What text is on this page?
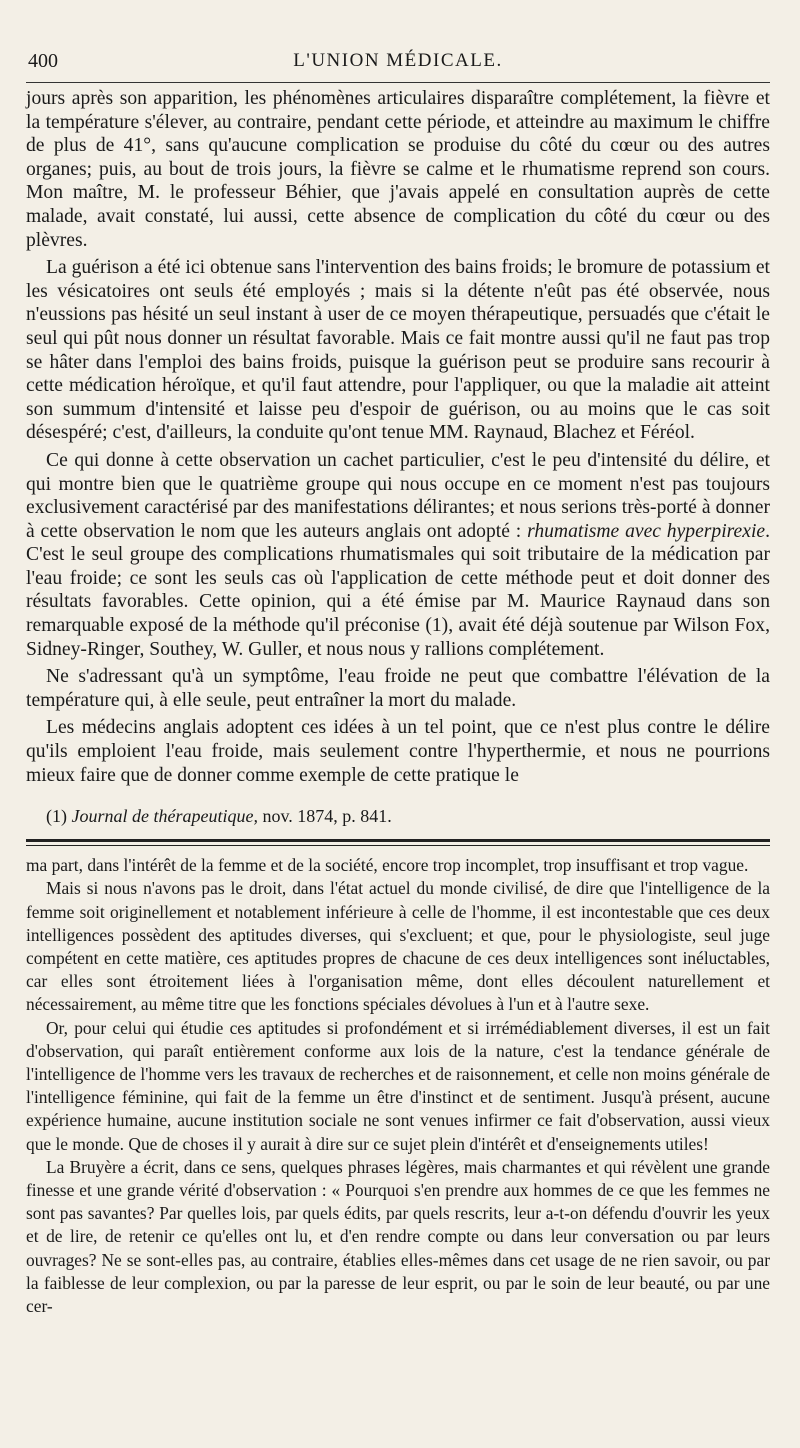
400	L'UNION MÉDICALE.

jours après son apparition, les phénomènes articulaires disparaître complétement, la fièvre et la température s'élever, au contraire, pendant cette période, et atteindre au maximum le chiffre de plus de 41°, sans qu'aucune complication se produise du côté du cœur ou des autres organes; puis, au bout de trois jours, la fièvre se calme et le rhumatisme reprend son cours. Mon maître, M. le professeur Béhier, que j'avais appelé en consultation auprès de cette malade, avait constaté, lui aussi, cette absence de complication du côté du cœur ou des plèvres.

La guérison a été ici obtenue sans l'intervention des bains froids; le bromure de potassium et les vésicatoires ont seuls été employés ; mais si la détente n'eût pas été observée, nous n'eussions pas hésité un seul instant à user de ce moyen thérapeutique, persuadés que c'était le seul qui pût nous donner un résultat favorable. Mais ce fait montre aussi qu'il ne faut pas trop se hâter dans l'emploi des bains froids, puisque la guérison peut se produire sans recourir à cette médication héroïque, et qu'il faut attendre, pour l'appliquer, ou que la maladie ait atteint son summum d'intensité et laisse peu d'espoir de guérison, ou au moins que le cas soit désespéré; c'est, d'ailleurs, la conduite qu'ont tenue MM. Raynaud, Blachez et Féréol.

Ce qui donne à cette observation un cachet particulier, c'est le peu d'intensité du délire, et qui montre bien que le quatrième groupe qui nous occupe en ce moment n'est pas toujours exclusivement caractérisé par des manifestations délirantes; et nous serions très-porté à donner à cette observation le nom que les auteurs anglais ont adopté : rhumatisme avec hyperpirexie. C'est le seul groupe des complications rhumatismales qui soit tributaire de la médication par l'eau froide; ce sont les seuls cas où l'application de cette méthode peut et doit donner des résultats favorables. Cette opinion, qui a été émise par M. Maurice Raynaud dans son remarquable exposé de la méthode qu'il préconise (1), avait été déjà soutenue par Wilson Fox, Sidney-Ringer, Southey, W. Guller, et nous nous y rallions complétement.

Ne s'adressant qu'à un symptôme, l'eau froide ne peut que combattre l'élévation de la température qui, à elle seule, peut entraîner la mort du malade.

Les médecins anglais adoptent ces idées à un tel point, que ce n'est plus contre le délire qu'ils emploient l'eau froide, mais seulement contre l'hyperthermie, et nous ne pourrions mieux faire que de donner comme exemple de cette pratique le

(1) Journal de thérapeutique, nov. 1874, p. 841.

ma part, dans l'intérêt de la femme et de la société, encore trop incomplet, trop insuffisant et trop vague.

Mais si nous n'avons pas le droit, dans l'état actuel du monde civilisé, de dire que l'intelligence de la femme soit originellement et notablement inférieure à celle de l'homme, il est incontestable que ces deux intelligences possèdent des aptitudes diverses, qui s'excluent; et que, pour le physiologiste, seul juge compétent en cette matière, ces aptitudes propres de chacune de ces deux intelligences sont inéluctables, car elles sont étroitement liées à l'organisation même, dont elles découlent naturellement et nécessairement, au même titre que les fonctions spéciales dévolues à l'un et à l'autre sexe.

Or, pour celui qui étudie ces aptitudes si profondément et si irrémédiablement diverses, il est un fait d'observation, qui paraît entièrement conforme aux lois de la nature, c'est la tendance générale de l'intelligence de l'homme vers les travaux de recherches et de raisonnement, et celle non moins générale de l'intelligence féminine, qui fait de la femme un être d'instinct et de sentiment. Jusqu'à présent, aucune expérience humaine, aucune institution sociale ne sont venues infirmer ce fait d'observation, aussi vieux que le monde. Que de choses il y aurait à dire sur ce sujet plein d'intérêt et d'enseignements utiles!

La Bruyère a écrit, dans ce sens, quelques phrases légères, mais charmantes et qui révèlent une grande finesse et une grande vérité d'observation : « Pourquoi s'en prendre aux hommes de ce que les femmes ne sont pas savantes? Par quelles lois, par quels édits, par quels rescrits, leur a-t-on défendu d'ouvrir les yeux et de lire, de retenir ce qu'elles ont lu, et d'en rendre compte ou dans leur conversation ou par leurs ouvrages? Ne se sont-elles pas, au contraire, établies elles-mêmes dans cet usage de ne rien savoir, ou par la faiblesse de leur complexion, ou par la paresse de leur esprit, ou par le soin de leur beauté, ou par une cer-
